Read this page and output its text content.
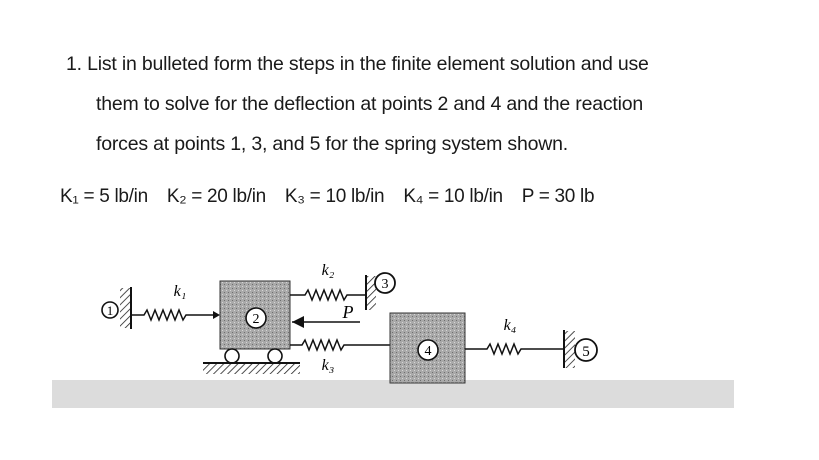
1. List in bulleted form the steps in the finite element solution and use
them to solve for the deflection at points 2 and 4 and the reaction
forces at points 1, 3, and 5 for the spring system shown.
K₁ = 5 lb/in K₂ = 20 lb/in K₃ = 10 lb/in K₄ = 10 lb/in P = 30 lb
1
k₁
2
k₂
3
P
k₃
4
k₄
5
